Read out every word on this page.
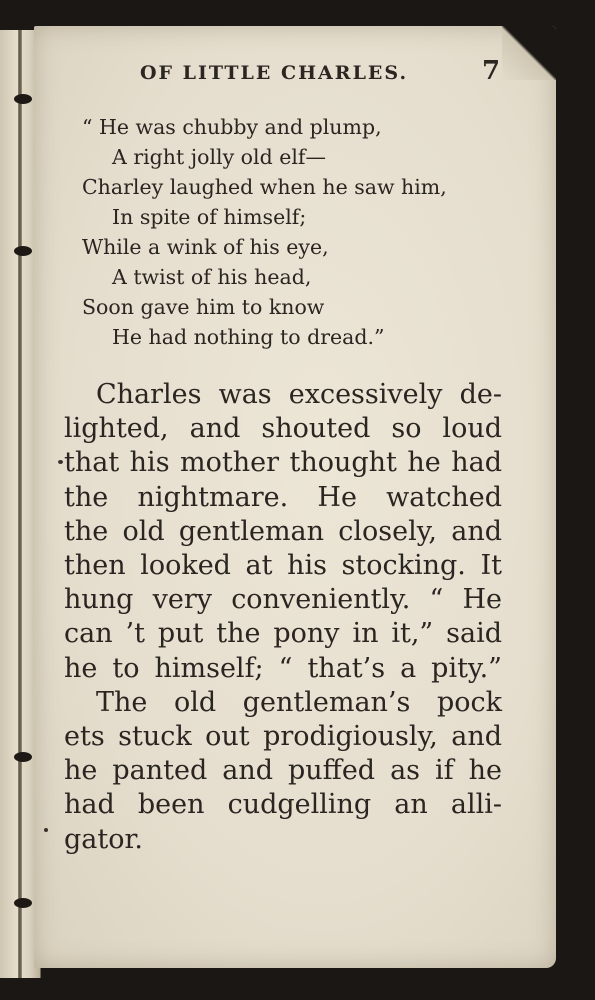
OF LITTLE CHARLES.	7
“ He was chubby and plump,
A right jolly old elf—
Charley laughed when he saw him,
In spite of himself;
While a wink of his eye,
A twist of his head,
Soon gave him to know
He had nothing to dread.”
Charles was excessively de-
lighted, and shouted so loud
that his mother thought he had
the nightmare. He watched
the old gentleman closely, and
then looked at his stocking. It
hung very conveniently. “ He
can ’t put the pony in it,” said
he to himself; “ that’s a pity.”
The old gentleman’s pock
ets stuck out prodigiously, and
he panted and puffed as if he
had been cudgelling an alli-
gator.
